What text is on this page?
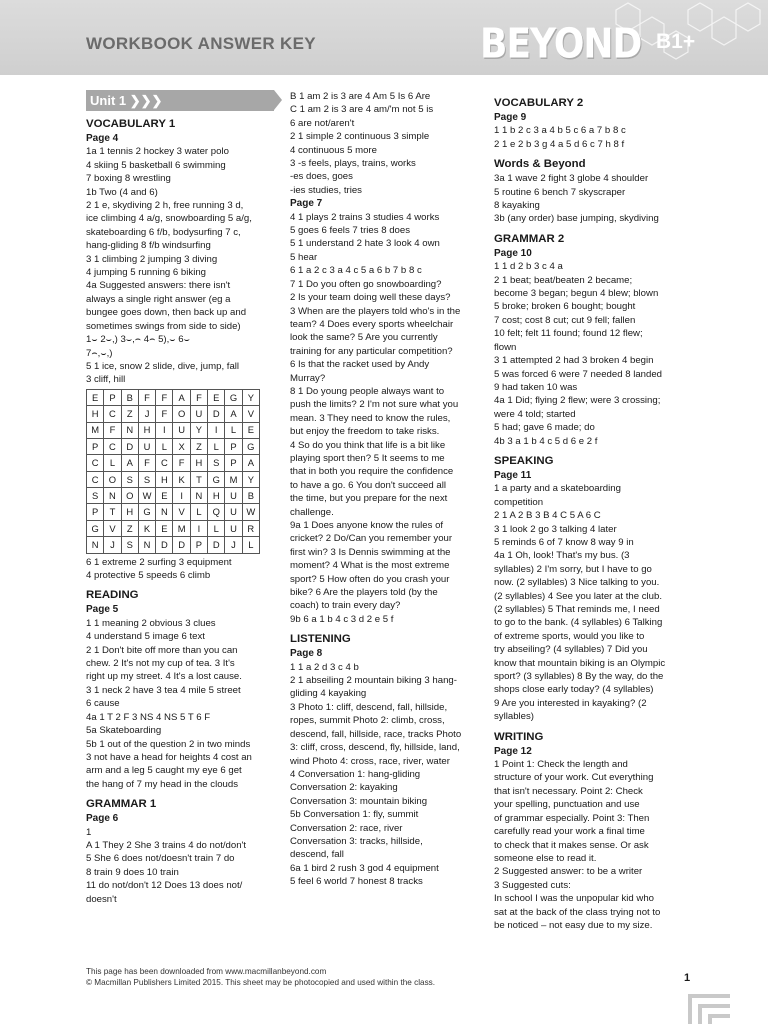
WORKBOOK ANSWER KEY	BEYOND B1+
Unit 1 ❯❯❯
VOCABULARY 1
Page 4
1a 1 tennis 2 hockey 3 water polo
4 skiing 5 basketball 6 swimming
7 boxing 8 wrestling
1b Two (4 and 6)
2 1 e, skydiving 2 h, free running 3 d,
ice climbing 4 a/g, snowboarding 5 a/g,
skateboarding 6 f/b, bodysurfing 7 c,
hang-gliding 8 f/b windsurfing
3 1 climbing 2 jumping 3 diving
4 jumping 5 running 6 biking
4a Suggested answers: there isn't
always a single right answer (eg a
bungee goes down, then back up and
sometimes swings from side to side)
1⌣ 2⌣,) 3⌣,⌢ 4⌢ 5),⌣ 6⌣
7⌢,⌣,)
5 1 ice, snow 2 slide, dive, jump, fall
3 cliff, hill
E	P	B	F	F	A	F	E	G	Y
H	C	Z	J	F	O	U	D	A	V
M	F	N	H	I	U	Y	I	L	E
P	C	D	U	L	X	Z	L	P	G
C	L	A	F	C	F	H	S	P	A
C	O	S	S	H	K	T	G	M	Y
S	N	O	W	E	I	N	H	U	B
P	T	H	G	N	V	L	Q	U	W
G	V	Z	K	E	M	I	L	U	R
N	J	S	N	D	D	P	D	J	L
6 1 extreme 2 surfing 3 equipment
4 protective 5 speeds 6 climb
READING
Page 5
1 1 meaning 2 obvious 3 clues
4 understand 5 image 6 text
2 1 Don't bite off more than you can
chew. 2 It's not my cup of tea. 3 It's
right up my street. 4 It's a lost cause.
3 1 neck 2 have 3 tea 4 mile 5 street
6 cause
4a 1 T 2 F 3 NS 4 NS 5 T 6 F
5a Skateboarding
5b 1 out of the question 2 in two minds
3 not have a head for heights 4 cost an
arm and a leg 5 caught my eye 6 get
the hang of 7 my head in the clouds
GRAMMAR 1
Page 6
1
A 1 They 2 She 3 trains 4 do not/don't
5 She 6 does not/doesn't train 7 do
8 train 9 does 10 train
11 do not/don't 12 Does 13 does not/
doesn't
B 1 am 2 is 3 are 4 Am 5 Is 6 Are
C 1 am 2 is 3 are 4 am/'m not 5 is
6 are not/aren't
2 1 simple 2 continuous 3 simple
4 continuous 5 more
3 -s feels, plays, trains, works
-es does, goes
-ies studies, tries
Page 7
4 1 plays 2 trains 3 studies 4 works
5 goes 6 feels 7 tries 8 does
5 1 understand 2 hate 3 look 4 own
5 hear
6 1 a 2 c 3 a 4 c 5 a 6 b 7 b 8 c
7 1 Do you often go snowboarding?
2 Is your team doing well these days?
3 When are the players told who's in the
team? 4 Does every sports wheelchair
look the same? 5 Are you currently
training for any particular competition?
6 Is that the racket used by Andy
Murray?
8 1 Do young people always want to
push the limits? 2 I'm not sure what you
mean. 3 They need to know the rules,
but enjoy the freedom to take risks.
4 So do you think that life is a bit like
playing sport then? 5 It seems to me
that in both you require the confidence
to have a go. 6 You don't succeed all
the time, but you prepare for the next
challenge.
9a 1 Does anyone know the rules of
cricket? 2 Do/Can you remember your
first win? 3 Is Dennis swimming at the
moment? 4 What is the most extreme
sport? 5 How often do you crash your
bike? 6 Are the players told (by the
coach) to train every day?
9b 6 a 1 b 4 c 3 d 2 e 5 f
LISTENING
Page 8
1 1 a 2 d 3 c 4 b
2 1 abseiling 2 mountain biking 3 hang-
gliding 4 kayaking
3 Photo 1: cliff, descend, fall, hillside,
ropes, summit Photo 2: climb, cross,
descend, fall, hillside, race, tracks Photo
3: cliff, cross, descend, fly, hillside, land,
wind Photo 4: cross, race, river, water
4 Conversation 1: hang-gliding
Conversation 2: kayaking
Conversation 3: mountain biking
5b Conversation 1: fly, summit
Conversation 2: race, river
Conversation 3: tracks, hillside,
descend, fall
6a 1 bird 2 rush 3 god 4 equipment
5 feel 6 world 7 honest 8 tracks
VOCABULARY 2
Page 9
1 1 b 2 c 3 a 4 b 5 c 6 a 7 b 8 c
2 1 e 2 b 3 g 4 a 5 d 6 c 7 h 8 f
Words & Beyond
3a 1 wave 2 fight 3 globe 4 shoulder
5 routine 6 bench 7 skyscraper
8 kayaking
3b (any order) base jumping, skydiving
GRAMMAR 2
Page 10
1 1 d 2 b 3 c 4 a
2 1 beat; beat/beaten 2 became;
become 3 began; begun 4 blew; blown
5 broke; broken 6 bought; bought
7 cost; cost 8 cut; cut 9 fell; fallen
10 felt; felt 11 found; found 12 flew;
flown
3 1 attempted 2 had 3 broken 4 begin
5 was forced 6 were 7 needed 8 landed
9 had taken 10 was
4a 1 Did; flying 2 flew; were 3 crossing;
were 4 told; started
5 had; gave 6 made; do
4b 3 a 1 b 4 c 5 d 6 e 2 f
SPEAKING
Page 11
1 a party and a skateboarding
competition
2 1 A 2 B 3 B 4 C 5 A 6 C
3 1 look 2 go 3 talking 4 later
5 reminds 6 of 7 know 8 way 9 in
4a 1 Oh, look! That's my bus. (3
syllables) 2 I'm sorry, but I have to go
now. (2 syllables) 3 Nice talking to you.
(2 syllables) 4 See you later at the club.
(2 syllables) 5 That reminds me, I need
to go to the bank. (4 syllables) 6 Talking
of extreme sports, would you like to
try abseiling? (4 syllables) 7 Did you
know that mountain biking is an Olympic
sport? (3 syllables) 8 By the way, do the
shops close early today? (4 syllables)
9 Are you interested in kayaking? (2
syllables)
WRITING
Page 12
1 Point 1: Check the length and
structure of your work. Cut everything
that isn't necessary. Point 2: Check
your spelling, punctuation and use
of grammar especially. Point 3: Then
carefully read your work a final time
to check that it makes sense. Or ask
someone else to read it.
2 Suggested answer: to be a writer
3 Suggested cuts:
In school I was the unpopular kid who
sat at the back of the class trying not to
be noticed – not easy due to my size.
This page has been downloaded from www.macmillanbeyond.com
© Macmillan Publishers Limited 2015. This sheet may be photocopied and used within the class.	1
